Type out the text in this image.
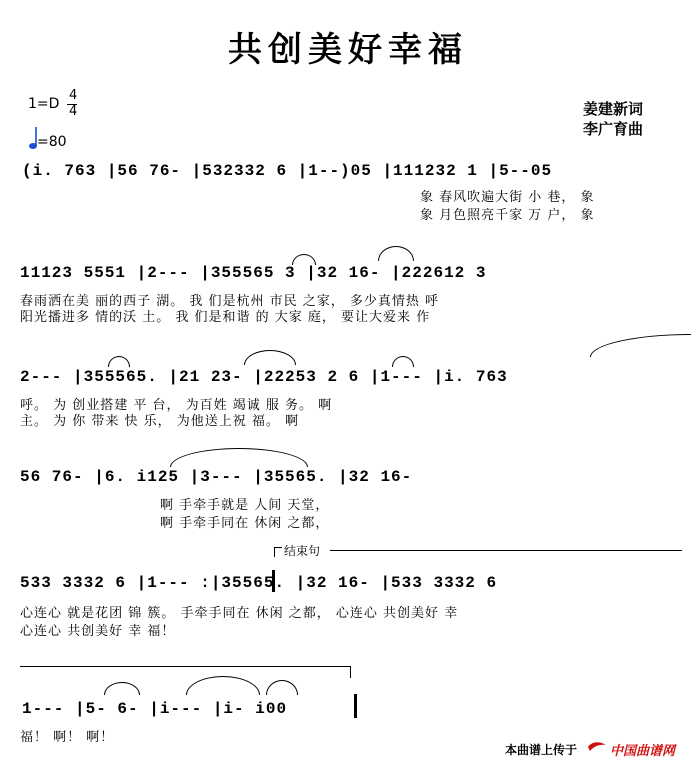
共创美好幸福
1=D
4
4
=80
姜建新词
李广育曲
(i. 763 |56 76- |532332 6 |1--)05 |111232 1 |5--05
象 春风吹遍大街 小 巷， 象
象 月色照亮千家 万 户， 象
11123 5551 |2--- |355565 3 |32 16- |222612 3
春雨洒在美 丽的西子 湖。 我 们是杭州 市民 之家， 多少真情热 呼
阳光播进多 情的沃 土。 我 们是和谐 的 大家 庭， 要让大爱来 作
2--- |355565. |21 23- |22253 2 6 |1--- |i. 763
呼。 为 创业搭建 平 台， 为百姓 竭诚 服 务。 啊
主。 为 你 带来 快 乐， 为他送上祝 福。 啊
56 76- |6. i125 |3--- |35565. |32 16-
啊 手牵手就是 人间 天堂，
啊 手牵手同在 休闲 之都，
结束句
533 3332 6 |1--- :|35565. |32 16- |533 3332 6
心连心 就是花团 锦 簇。 手牵手同在 休闲 之都， 心连心 共创美好 幸
心连心 共创美好 幸 福！
1--- |5- 6- |i--- |i- i00
福！ 啊！ 啊！
本曲谱上传于	中国曲谱网
